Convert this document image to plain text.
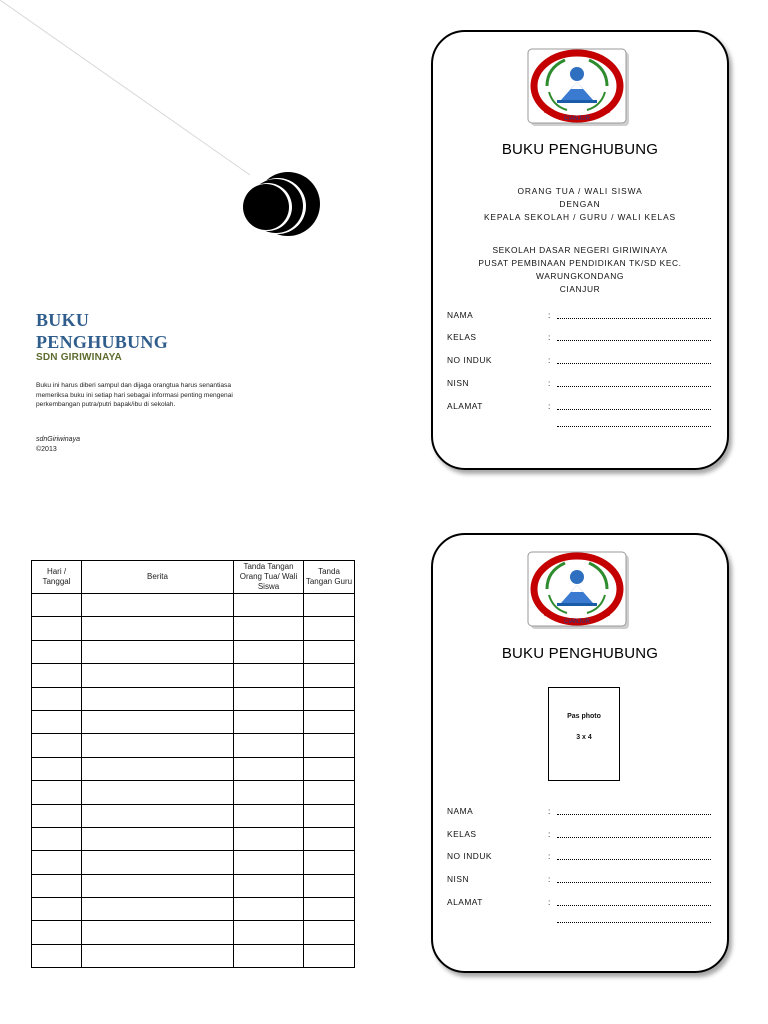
BUKU
PENGHUBUNG
SDN GIRIWINAYA
Buku ini harus diberi sampul dan dijaga orangtua harus senantiasa memeriksa buku ini setiap hari sebagai informasi penting mengenai perkembangan putra/putri bapak/ibu di sekolah.
sdnGiriwinaya
©2013
Hari / Tanggal	Berita	Tanda Tangan Orang Tua/ Wali Siswa	Tanda Tangan Guru

CIANJUR
BUKU PENGHUBUNG
ORANG TUA / WALI SISWA
DENGAN
KEPALA SEKOLAH / GURU / WALI KELAS
SEKOLAH DASAR NEGERI GIRIWINAYA
PUSAT PEMBINAAN PENDIDIKAN TK/SD KEC. WARUNGKONDANG
CIANJUR
NAMA	:
KELAS	:
NO INDUK	:
NISN	:
ALAMAT	:
CIANJUR
BUKU PENGHUBUNG
Pas photo
3 x 4
NAMA	:
KELAS	:
NO INDUK	:
NISN	:
ALAMAT	:
